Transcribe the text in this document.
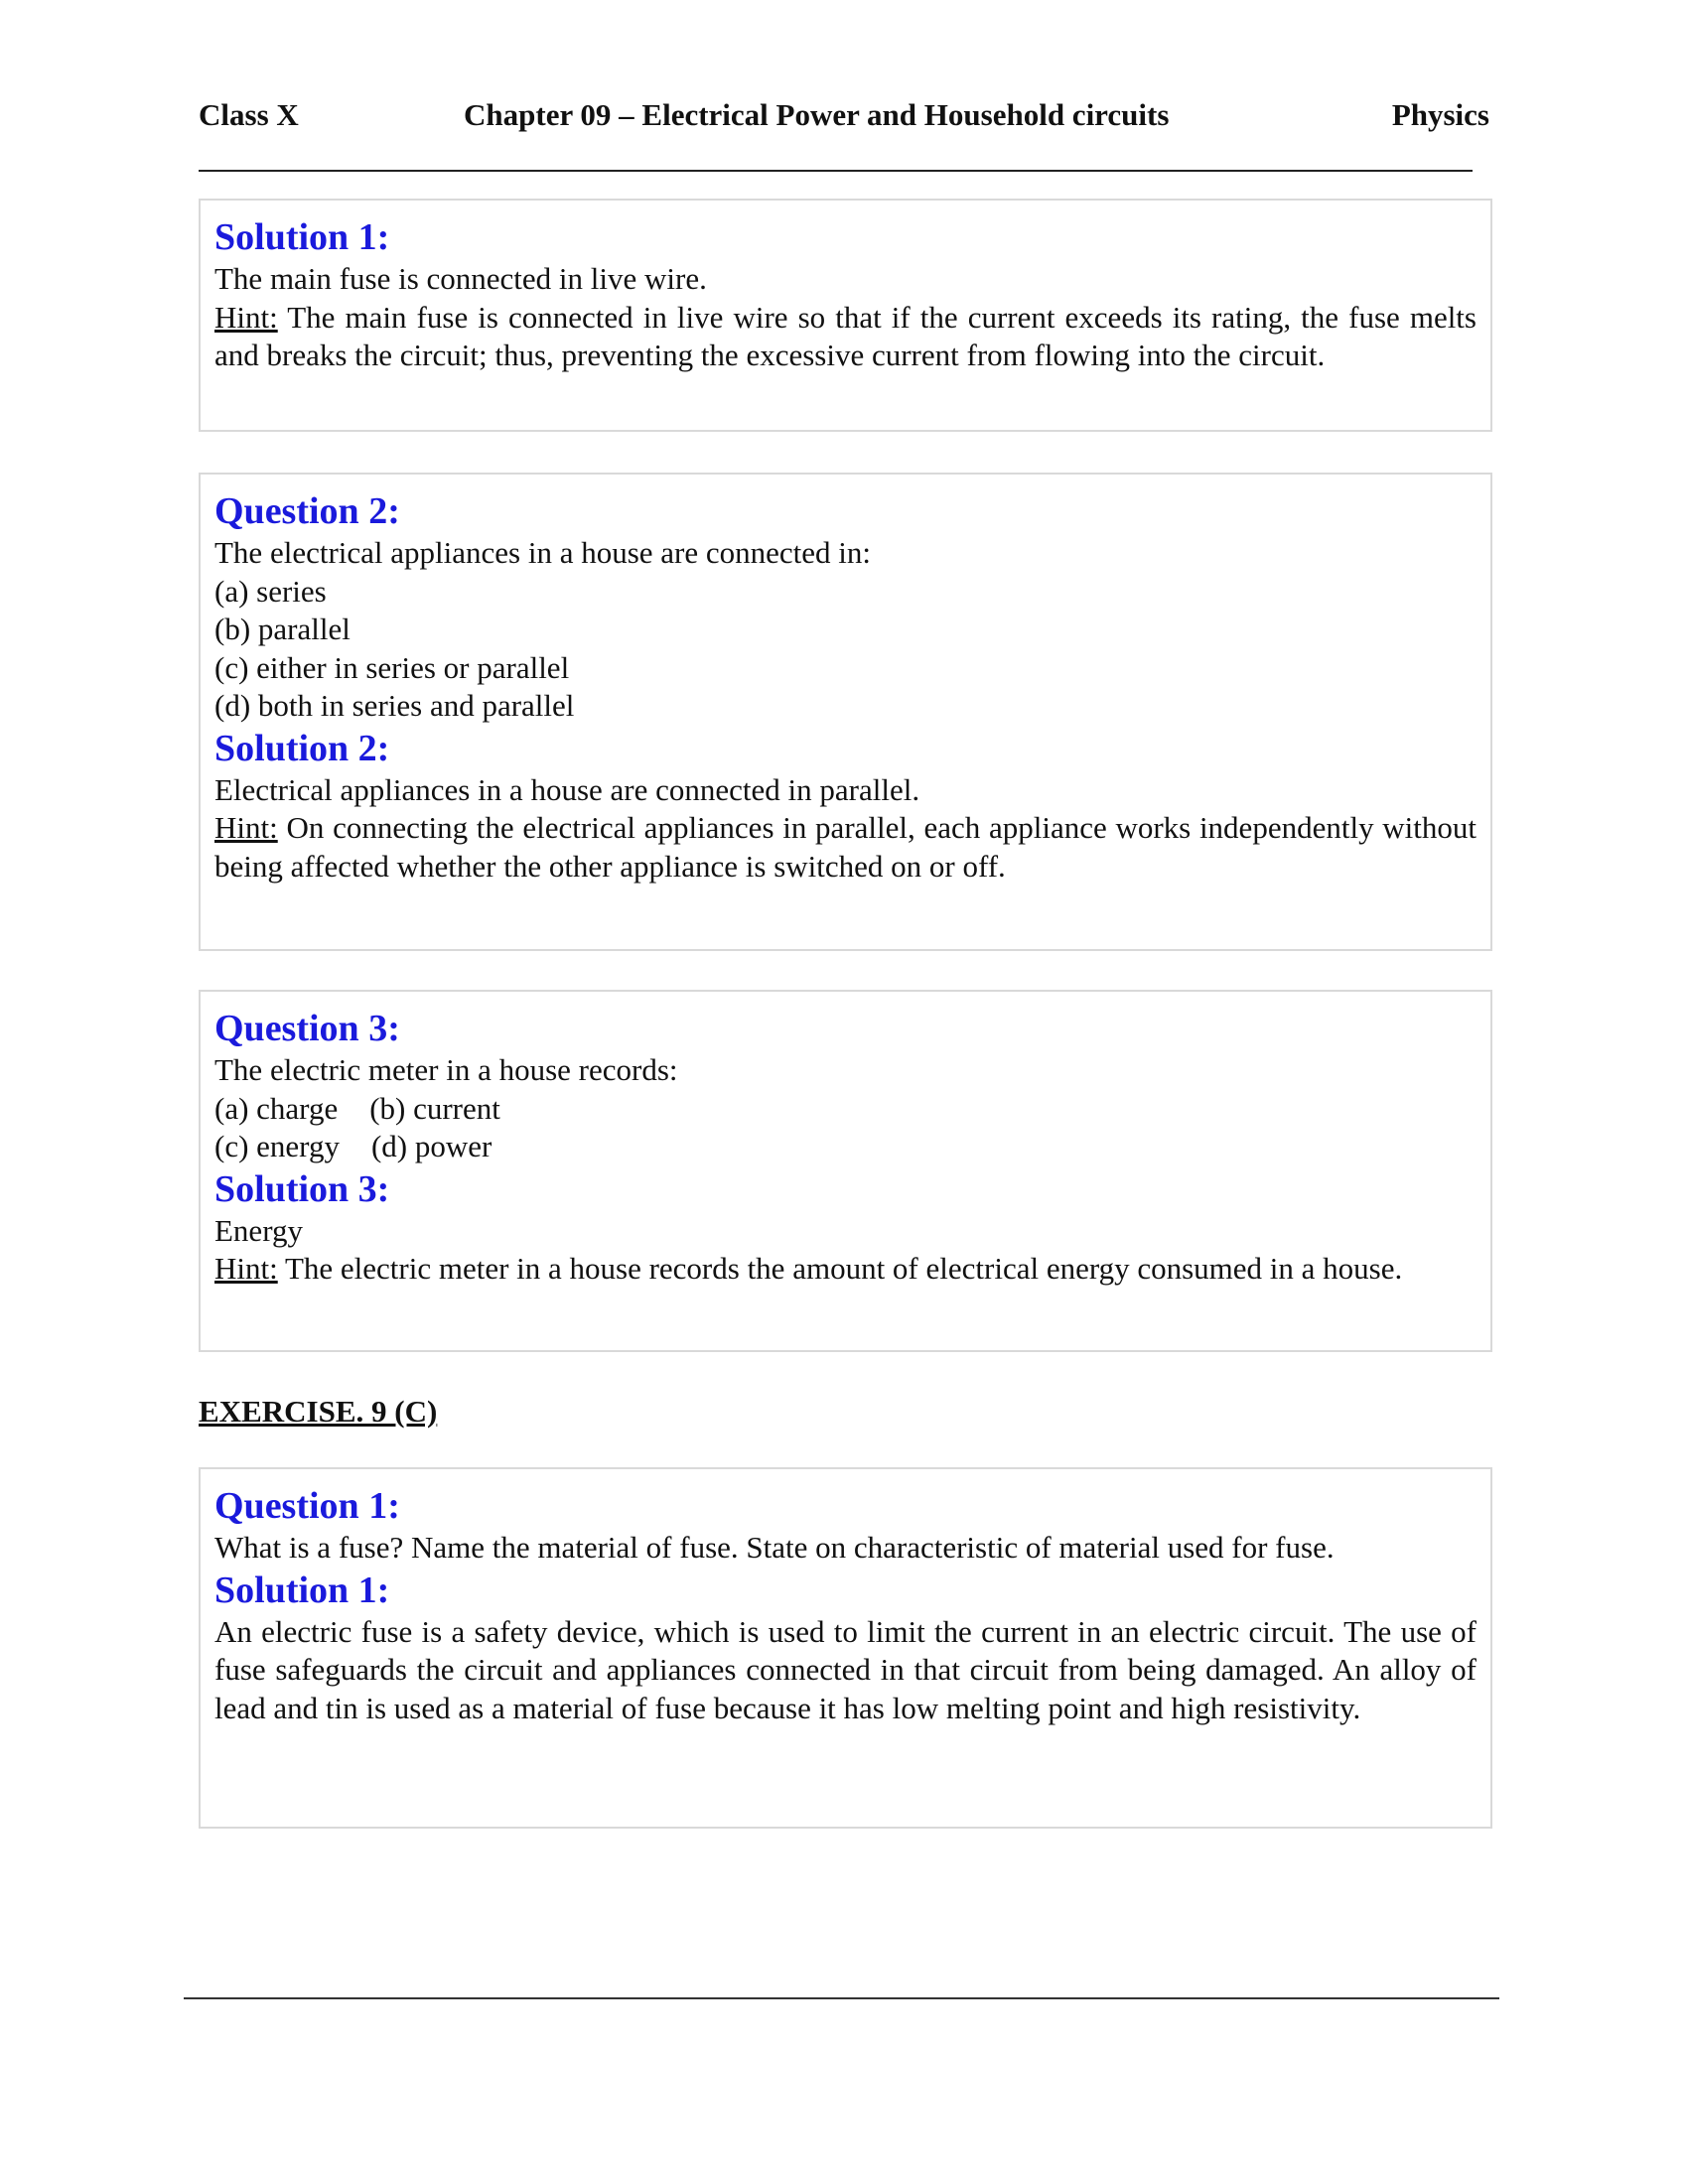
Class X	Chapter 09 – Electrical Power and Household circuits	Physics
Solution 1:
The main fuse is connected in live wire.
Hint: The main fuse is connected in live wire so that if the current exceeds its rating, the fuse melts and breaks the circuit; thus, preventing the excessive current from flowing into the circuit.
Question 2:
The electrical appliances in a house are connected in:
(a) series
(b) parallel
(c) either in series or parallel
(d) both in series and parallel
Solution 2:
Electrical appliances in a house are connected in parallel.
Hint: On connecting the electrical appliances in parallel, each appliance works independently without being affected whether the other appliance is switched on or off.
Question 3:
The electric meter in a house records:
(a) charge (b) current
(c) energy (d) power
Solution 3:
Energy
Hint: The electric meter in a house records the amount of electrical energy consumed in a house.
EXERCISE. 9 (C)
Question 1:
What is a fuse? Name the material of fuse. State on characteristic of material used for fuse.
Solution 1:
An electric fuse is a safety device, which is used to limit the current in an electric circuit. The use of fuse safeguards the circuit and appliances connected in that circuit from being damaged. An alloy of lead and tin is used as a material of fuse because it has low melting point and high resistivity.
